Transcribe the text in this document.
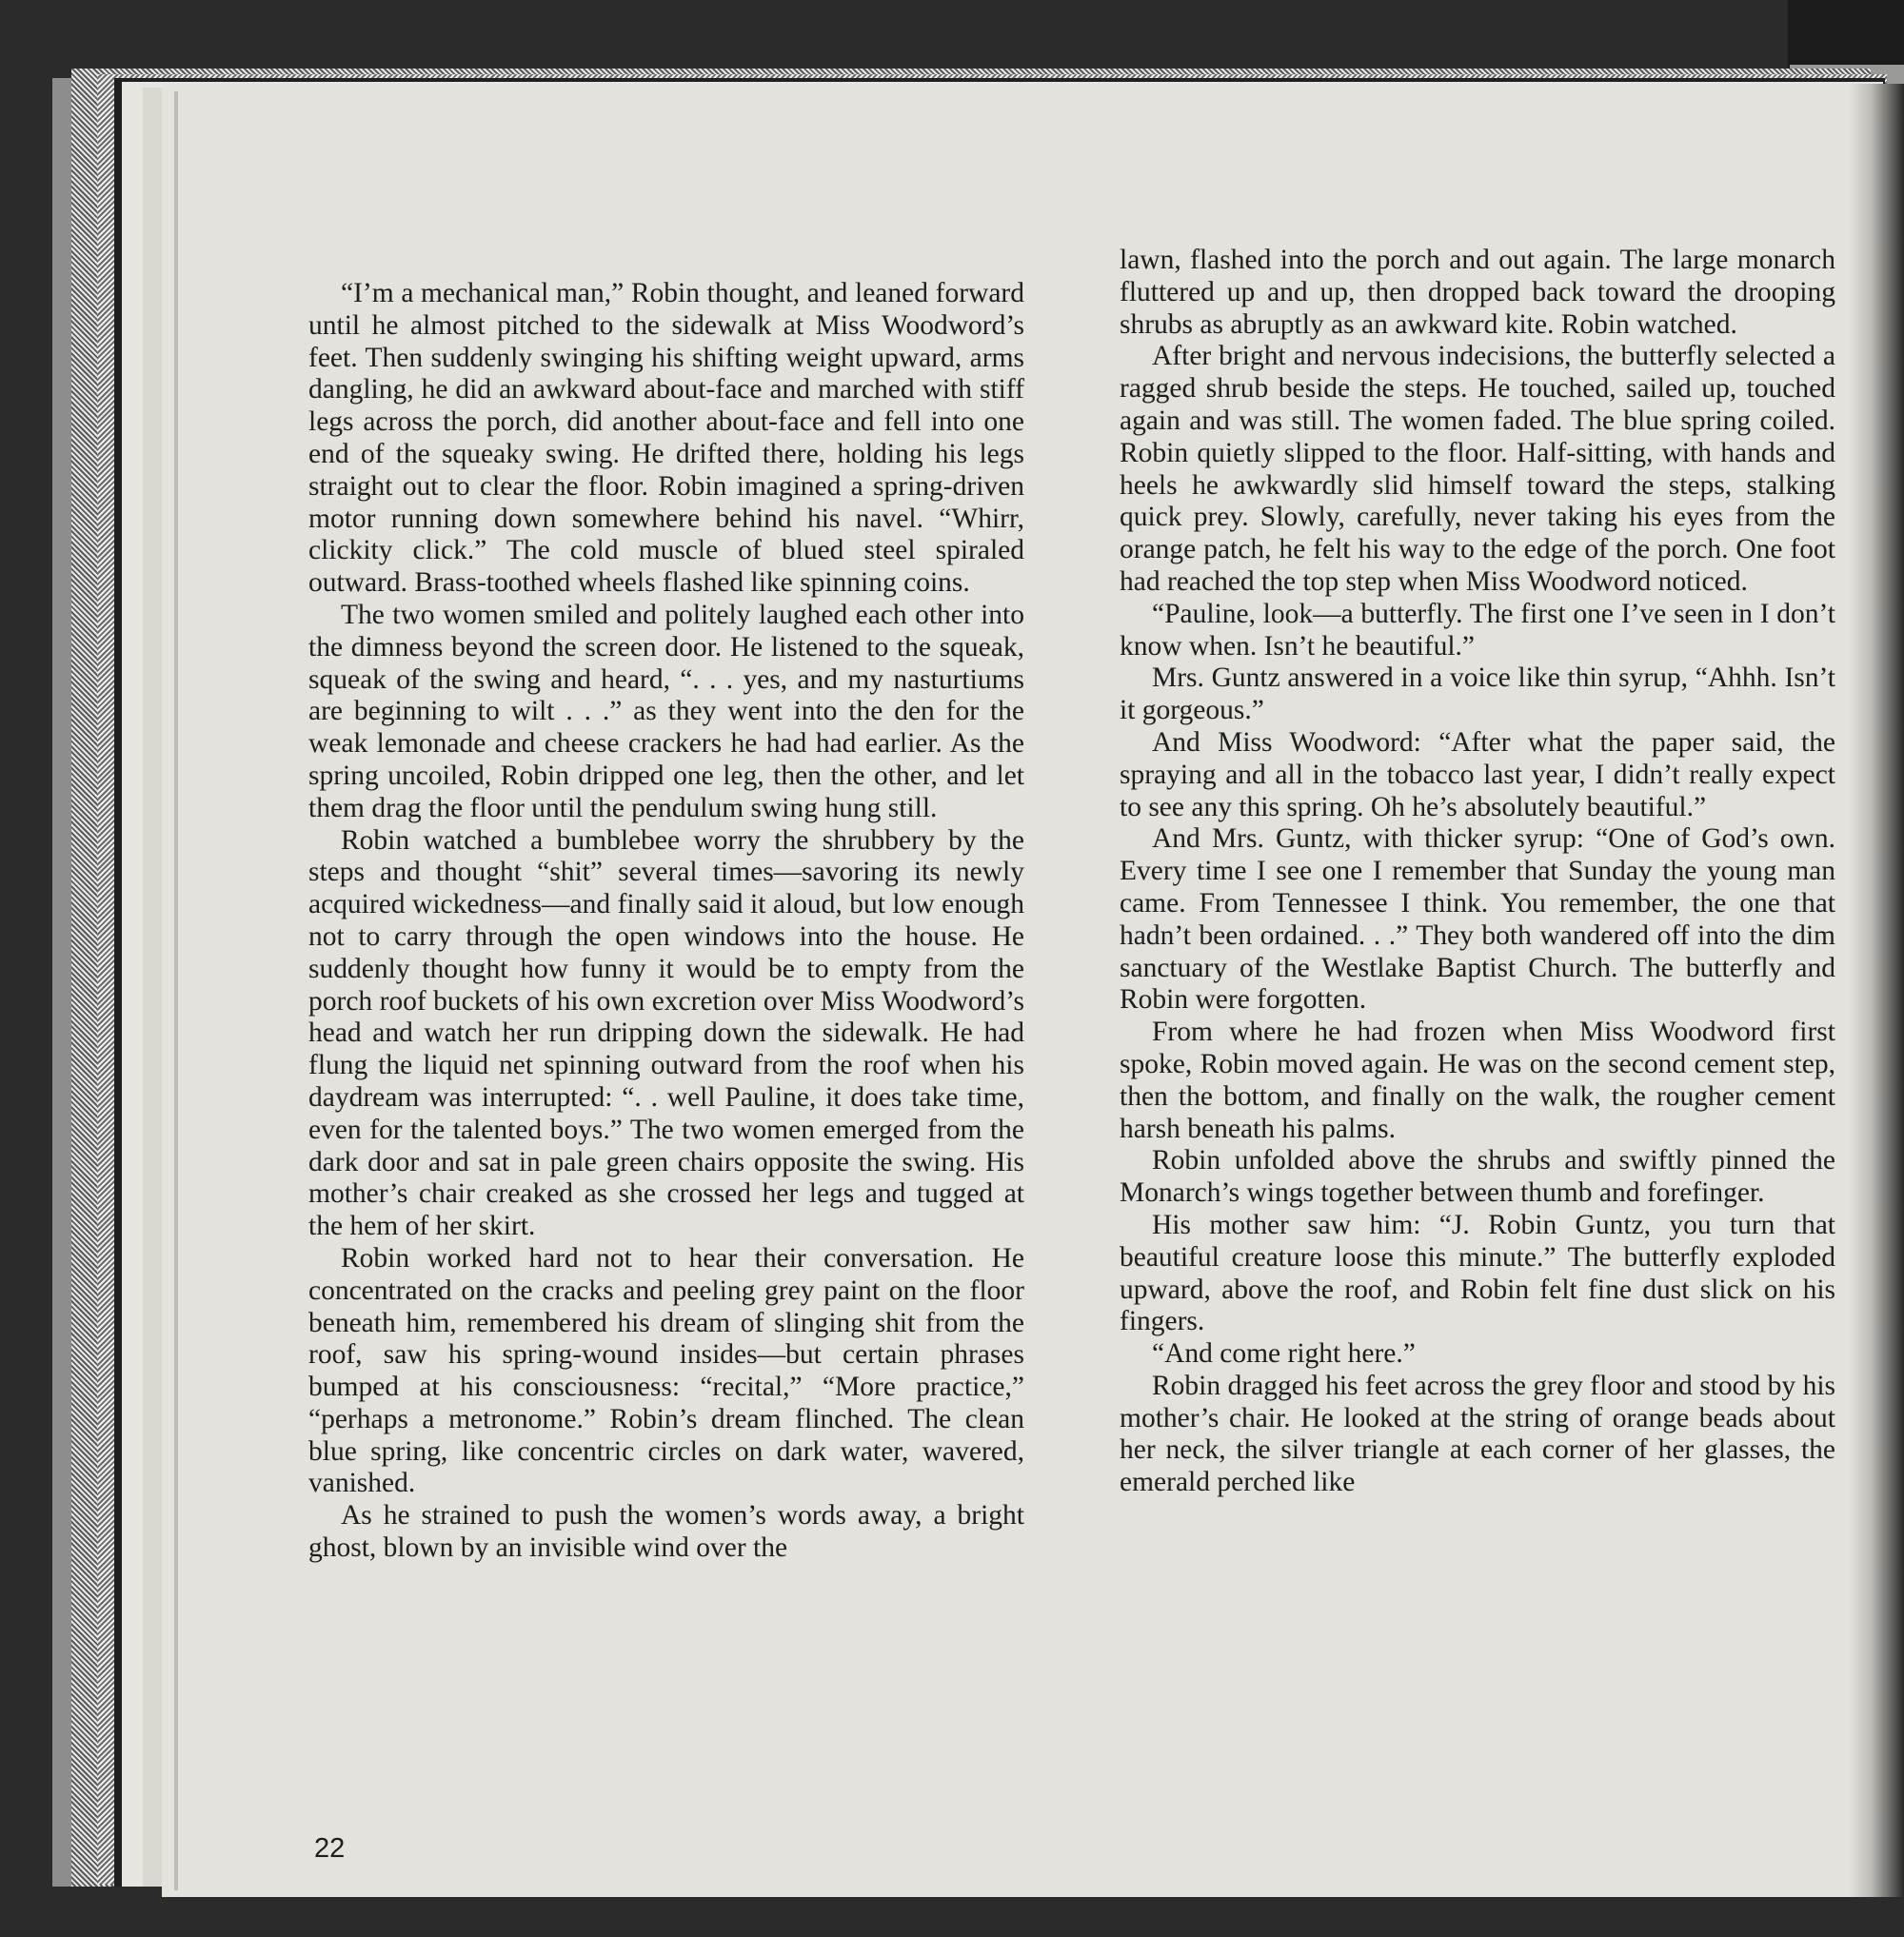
“I’m a mechanical man,” Robin thought, and leaned forward until he almost pitched to the sidewalk at Miss Woodword’s feet. Then suddenly swinging his shifting weight upward, arms dangling, he did an awkward about-face and marched with stiff legs across the porch, did another about-face and fell into one end of the squeaky swing. He drifted there, holding his legs straight out to clear the floor. Robin imagined a spring-driven motor running down somewhere behind his navel. “Whirr, clickity click.” The cold muscle of blued steel spiraled outward. Brass-toothed wheels flashed like spinning coins.

The two women smiled and politely laughed each other into the dimness beyond the screen door. He listened to the squeak, squeak of the swing and heard, “. . . yes, and my nasturtiums are beginning to wilt . . .” as they went into the den for the weak lemonade and cheese crackers he had had earlier. As the spring uncoiled, Robin dripped one leg, then the other, and let them drag the floor until the pendulum swing hung still.

Robin watched a bumblebee worry the shrubbery by the steps and thought “shit” several times—savoring its newly acquired wickedness—and finally said it aloud, but low enough not to carry through the open windows into the house. He suddenly thought how funny it would be to empty from the porch roof buckets of his own excretion over Miss Woodword’s head and watch her run dripping down the sidewalk. He had flung the liquid net spinning outward from the roof when his daydream was interrupted: “. . well Pauline, it does take time, even for the talented boys.” The two women emerged from the dark door and sat in pale green chairs opposite the swing. His mother’s chair creaked as she crossed her legs and tugged at the hem of her skirt.

Robin worked hard not to hear their conversation. He concentrated on the cracks and peeling grey paint on the floor beneath him, remembered his dream of slinging shit from the roof, saw his spring-wound insides—but certain phrases bumped at his consciousness: “recital,” “More practice,” “perhaps a metronome.” Robin’s dream flinched. The clean blue spring, like concentric circles on dark water, wavered, vanished.

As he strained to push the women’s words away, a bright ghost, blown by an invisible wind over the

lawn, flashed into the porch and out again. The large monarch fluttered up and up, then dropped back toward the drooping shrubs as abruptly as an awkward kite. Robin watched.

After bright and nervous indecisions, the butterfly selected a ragged shrub beside the steps. He touched, sailed up, touched again and was still. The women faded. The blue spring coiled. Robin quietly slipped to the floor. Half-sitting, with hands and heels he awkwardly slid himself toward the steps, stalking quick prey. Slowly, carefully, never taking his eyes from the orange patch, he felt his way to the edge of the porch. One foot had reached the top step when Miss Woodword noticed.

“Pauline, look—a butterfly. The first one I’ve seen in I don’t know when. Isn’t he beautiful.”

Mrs. Guntz answered in a voice like thin syrup, “Ahhh. Isn’t it gorgeous.”

And Miss Woodword: “After what the paper said, the spraying and all in the tobacco last year, I didn’t really expect to see any this spring. Oh he’s absolutely beautiful.”

And Mrs. Guntz, with thicker syrup: “One of God’s own. Every time I see one I remember that Sunday the young man came. From Tennessee I think. You remember, the one that hadn’t been ordained. . .” They both wandered off into the dim sanctuary of the Westlake Baptist Church. The butterfly and Robin were forgotten.

From where he had frozen when Miss Woodword first spoke, Robin moved again. He was on the second cement step, then the bottom, and finally on the walk, the rougher cement harsh beneath his palms.

Robin unfolded above the shrubs and swiftly pinned the Monarch’s wings together between thumb and forefinger.

His mother saw him: “J. Robin Guntz, you turn that beautiful creature loose this minute.” The butterfly exploded upward, above the roof, and Robin felt fine dust slick on his fingers.

“And come right here.”

Robin dragged his feet across the grey floor and stood by his mother’s chair. He looked at the string of orange beads about her neck, the silver triangle at each corner of her glasses, the emerald perched like

22
